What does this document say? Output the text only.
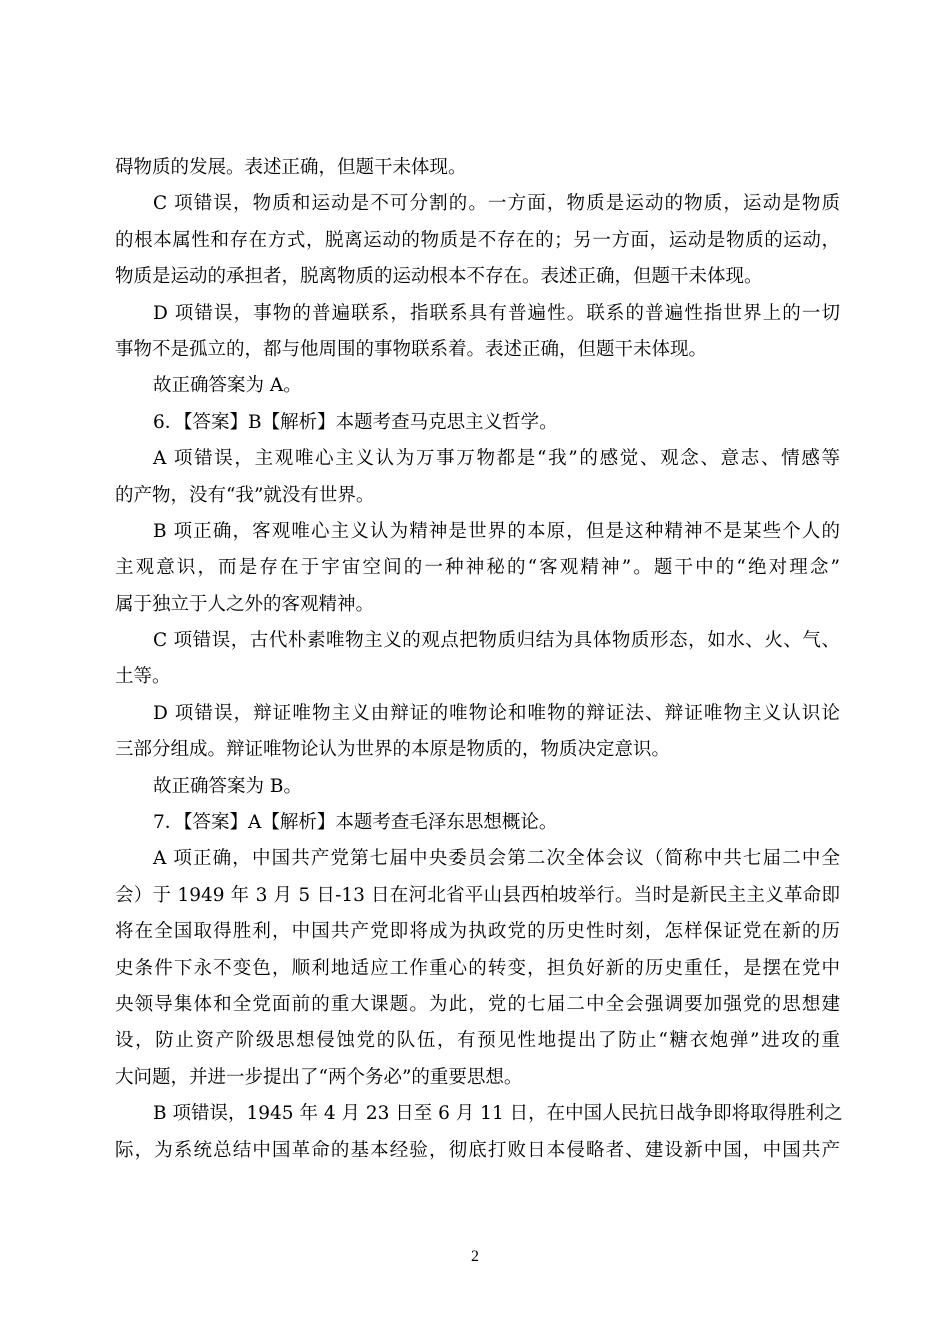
碍物质的发展。表述正确，但题干未体现。
C 项错误，物质和运动是不可分割的。一方面，物质是运动的物质，运动是物质
的根本属性和存在方式，脱离运动的物质是不存在的；另一方面，运动是物质的运动，
物质是运动的承担者，脱离物质的运动根本不存在。表述正确，但题干未体现。
D 项错误，事物的普遍联系，指联系具有普遍性。联系的普遍性指世界上的一切
事物不是孤立的，都与他周围的事物联系着。表述正确，但题干未体现。
故正确答案为 A。
6．【答案】B【解析】本题考查马克思主义哲学。
A 项错误，主观唯心主义认为万事万物都是“我”的感觉、观念、意志、情感等
的产物，没有“我”就没有世界。
B 项正确，客观唯心主义认为精神是世界的本原，但是这种精神不是某些个人的
主观意识，而是存在于宇宙空间的一种神秘的“客观精神”。题干中的“绝对理念”
属于独立于人之外的客观精神。
C 项错误，古代朴素唯物主义的观点把物质归结为具体物质形态，如水、火、气、
土等。
D 项错误，辩证唯物主义由辩证的唯物论和唯物的辩证法、辩证唯物主义认识论
三部分组成。辩证唯物论认为世界的本原是物质的，物质决定意识。
故正确答案为 B。
7．【答案】A【解析】本题考查毛泽东思想概论。
A 项正确，中国共产党第七届中央委员会第二次全体会议（简称中共七届二中全
会）于 1949 年 3 月 5 日-13 日在河北省平山县西柏坡举行。当时是新民主主义革命即
将在全国取得胜利，中国共产党即将成为执政党的历史性时刻，怎样保证党在新的历
史条件下永不变色，顺利地适应工作重心的转变，担负好新的历史重任，是摆在党中
央领导集体和全党面前的重大课题。为此，党的七届二中全会强调要加强党的思想建
设，防止资产阶级思想侵蚀党的队伍，有预见性地提出了防止“糖衣炮弹”进攻的重
大问题，并进一步提出了“两个务必”的重要思想。
B 项错误，1945 年 4 月 23 日至 6 月 11 日，在中国人民抗日战争即将取得胜利之
际，为系统总结中国革命的基本经验，彻底打败日本侵略者、建设新中国，中国共产
2
